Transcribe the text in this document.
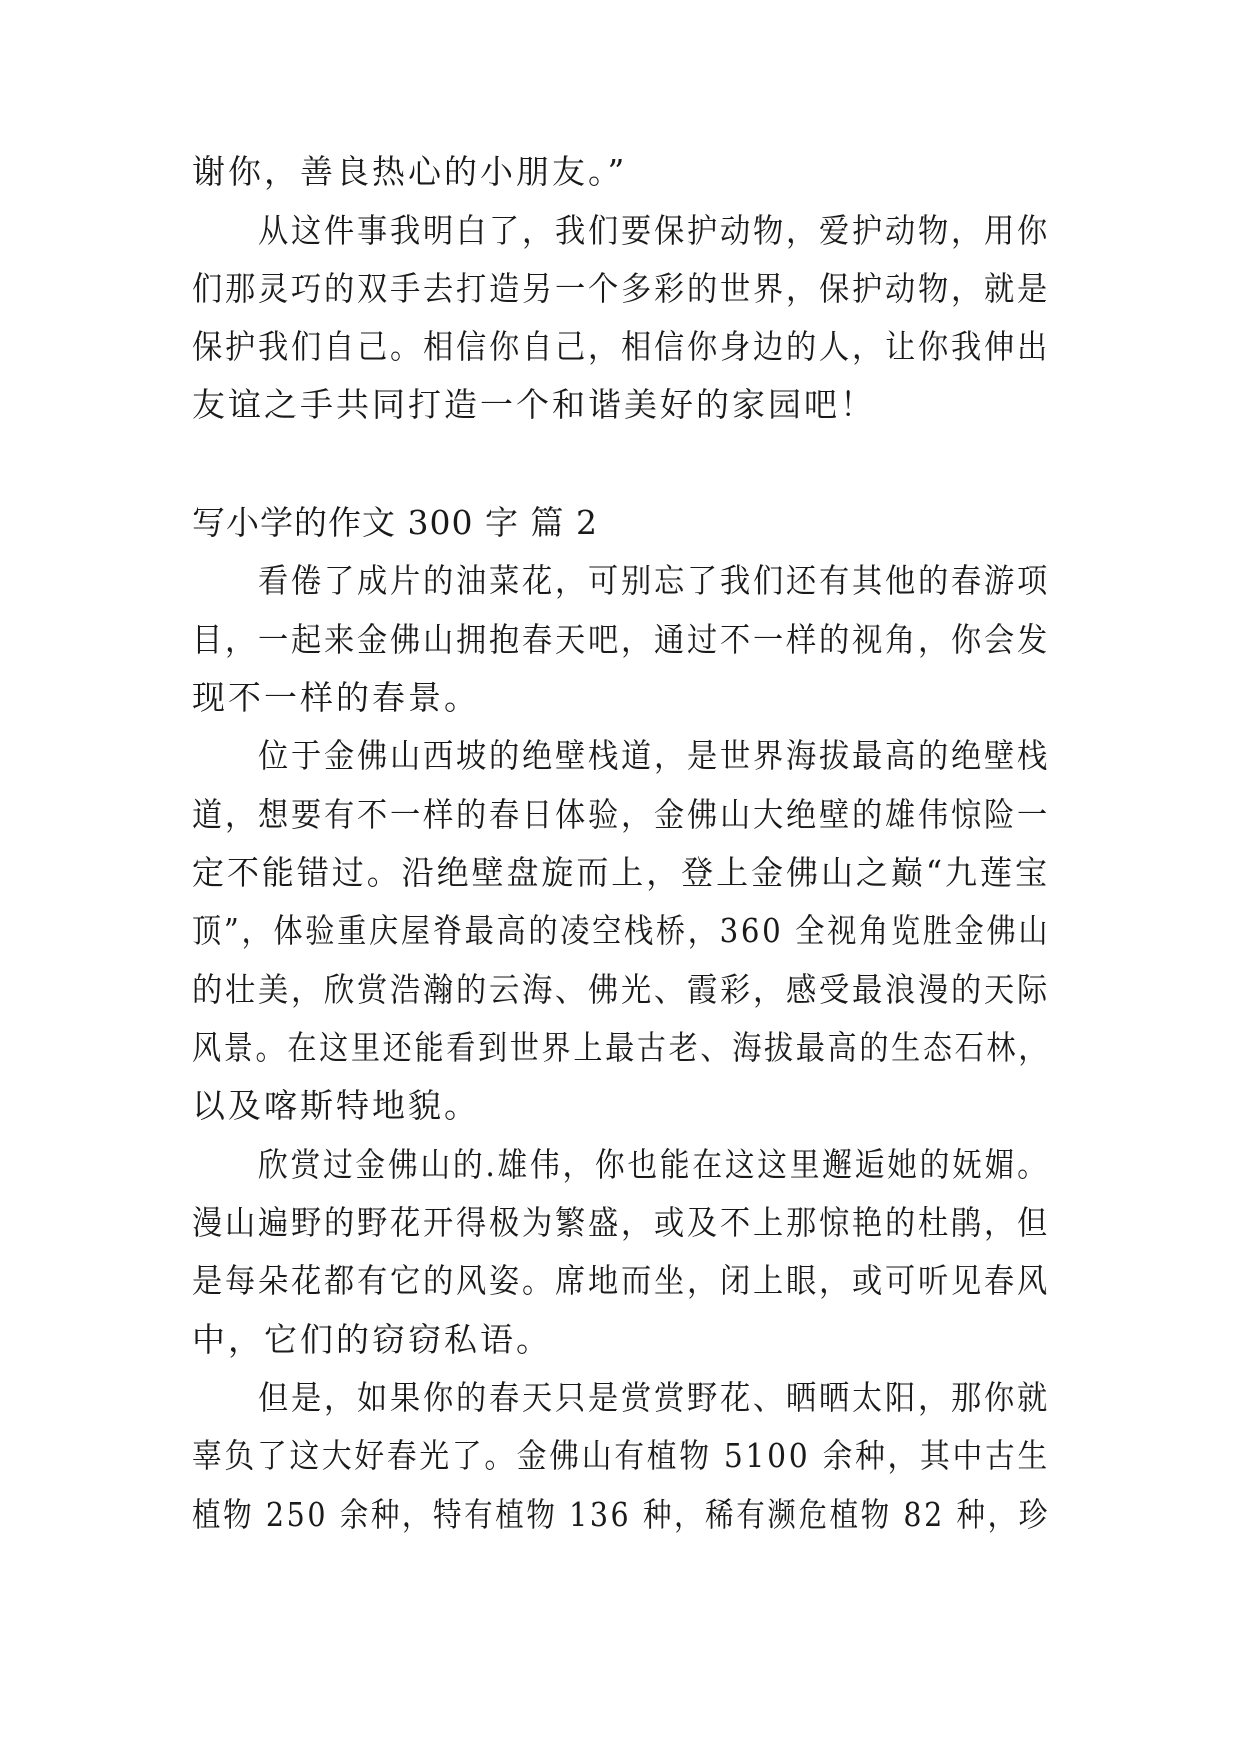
谢你，善良热心的小朋友。”
从这件事我明白了，我们要保护动物，爱护动物，用你
们那灵巧的双手去打造另一个多彩的世界，保护动物，就是
保护我们自己。相信你自己，相信你身边的人，让你我伸出
友谊之手共同打造一个和谐美好的家园吧！
写小学的作文 300 字 篇 2
看倦了成片的油菜花，可别忘了我们还有其他的春游项
目，一起来金佛山拥抱春天吧，通过不一样的视角，你会发
现不一样的春景。
位于金佛山西坡的绝壁栈道，是世界海拔最高的绝壁栈
道，想要有不一样的春日体验，金佛山大绝壁的雄伟惊险一
定不能错过。沿绝壁盘旋而上，登上金佛山之巅“九莲宝
顶”，体验重庆屋脊最高的凌空栈桥，360 全视角览胜金佛山
的壮美，欣赏浩瀚的云海、佛光、霞彩，感受最浪漫的天际
风景。在这里还能看到世界上最古老、海拔最高的生态石林，
以及喀斯特地貌。
欣赏过金佛山的.雄伟，你也能在这这里邂逅她的妩媚。
漫山遍野的野花开得极为繁盛，或及不上那惊艳的杜鹃，但
是每朵花都有它的风姿。席地而坐，闭上眼，或可听见春风
中，它们的窃窃私语。
但是，如果你的春天只是赏赏野花、晒晒太阳，那你就
辜负了这大好春光了。金佛山有植物 5100 余种，其中古生
植物 250 余种，特有植物 136 种，稀有濒危植物 82 种，珍
